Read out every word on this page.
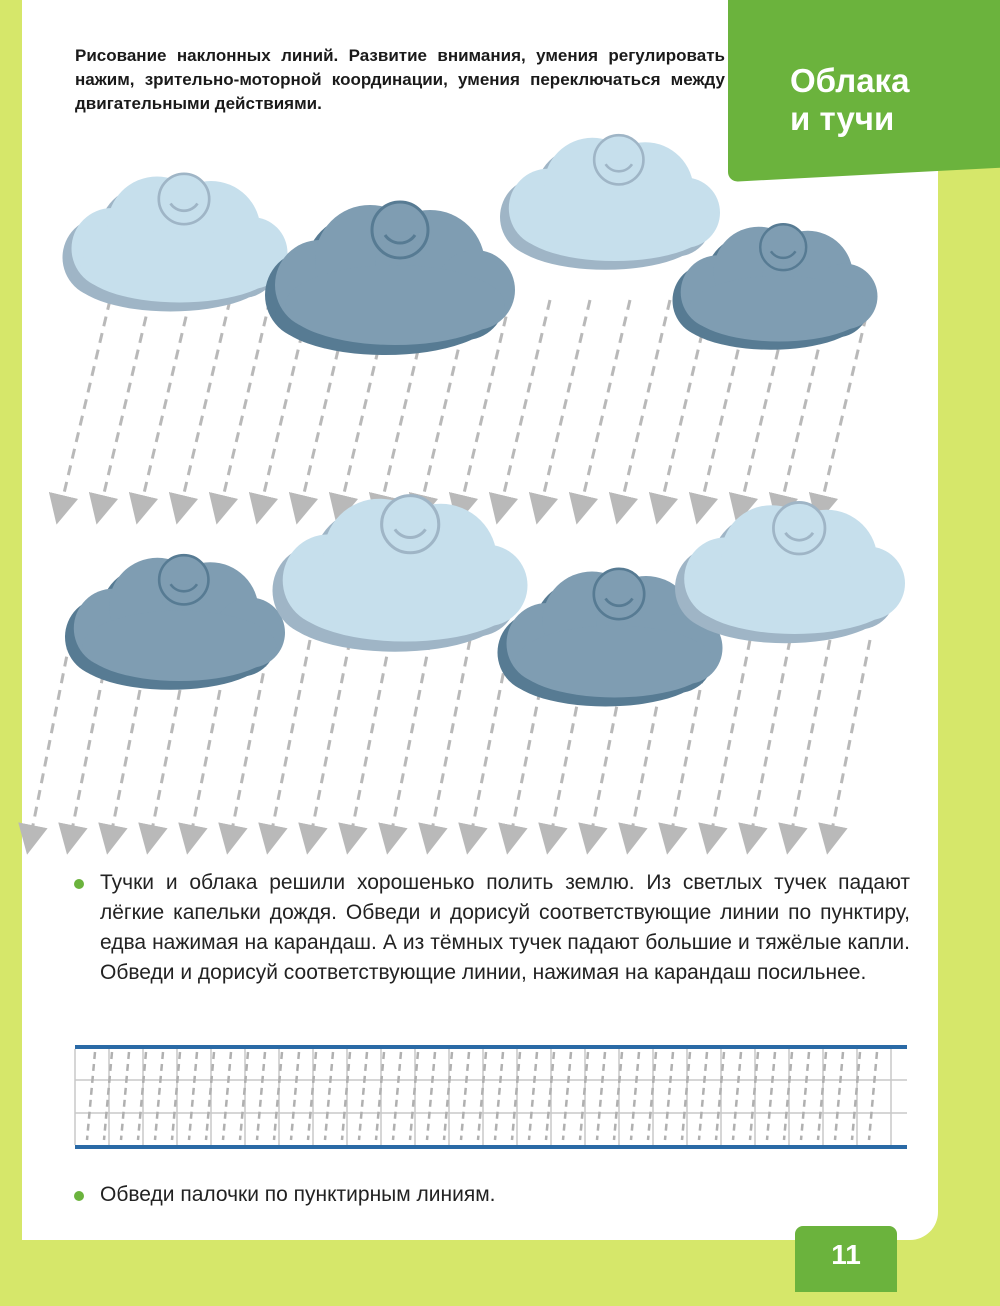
Рисование наклонных линий. Развитие внимания, умения регулировать нажим, зрительно-моторной координации, умения переключаться между двигательными действиями.

Облака
и тучи

Тучки и облака решили хорошенько полить землю. Из светлых тучек падают лёгкие капельки дождя. Обведи и дорисуй соответствующие линии по пунктиру, едва нажимая на карандаш. А из тёмных тучек падают большие и тяжёлые капли. Обведи и дорисуй соответствующие линии, нажимая на карандаш посильнее.

Обведи палочки по пунктирным линиям.

11
